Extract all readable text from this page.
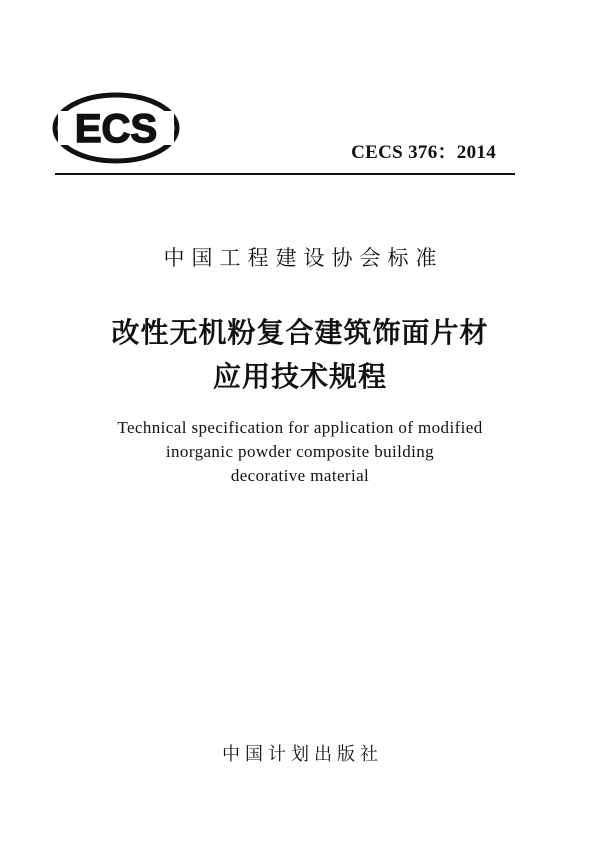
ECS
CECS 376：2014
中国工程建设协会标准
改性无机粉复合建筑饰面片材
应用技术规程
Technical specification for application of modified
inorganic powder composite building
decorative material
中国计划出版社
